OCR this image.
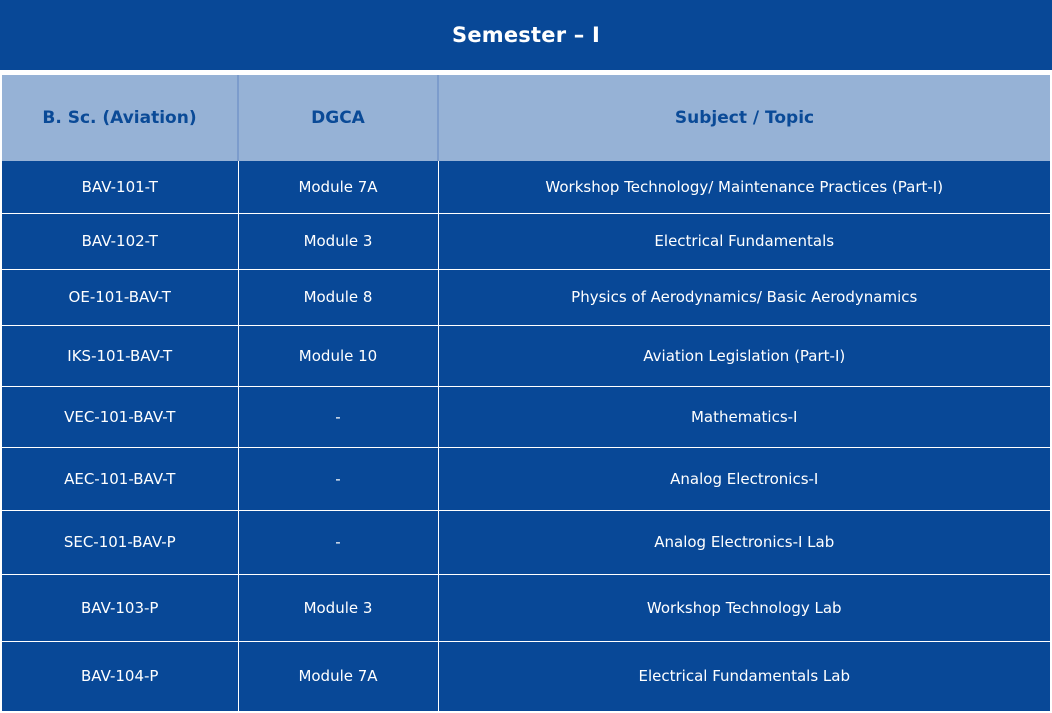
Semester – I
B. Sc. (Aviation)	DGCA	Subject / Topic
BAV-101-T	Module 7A	Workshop Technology/ Maintenance Practices (Part-I)
BAV-102-T	Module 3	Electrical Fundamentals
OE-101-BAV-T	Module 8	Physics of Aerodynamics/ Basic Aerodynamics
IKS-101-BAV-T	Module 10	Aviation Legislation (Part-I)
VEC-101-BAV-T	-	Mathematics-I
AEC-101-BAV-T	-	Analog Electronics-I
SEC-101-BAV-P	-	Analog Electronics-I Lab
BAV-103-P	Module 3	Workshop Technology Lab
BAV-104-P	Module 7A	Electrical Fundamentals Lab
